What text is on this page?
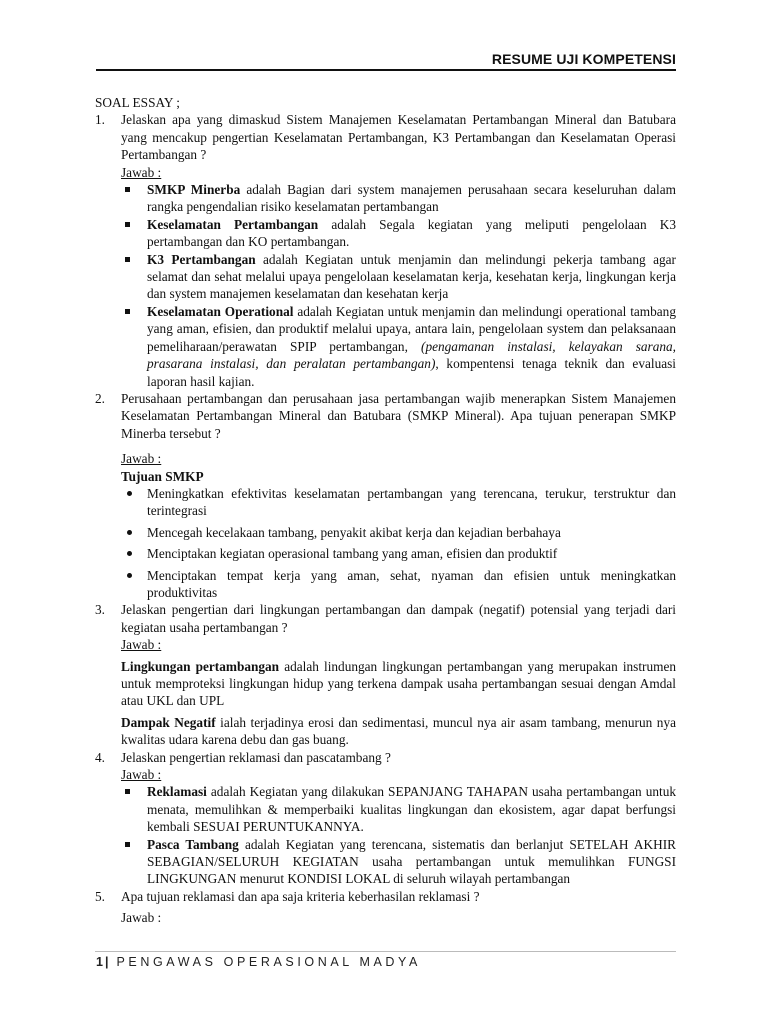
RESUME UJI KOMPETENSI

SOAL ESSAY ;

1. Jelaskan apa yang dimaskud Sistem Manajemen Keselamatan Pertambangan Mineral dan Batubara yang mencakup pengertian Keselamatan Pertambangan, K3 Pertambangan dan Keselamatan Operasi Pertambangan ?
Jawab :
SMKP Minerba adalah Bagian dari system manajemen perusahaan secara keseluruhan dalam rangka pengendalian risiko keselamatan pertambangan
Keselamatan Pertambangan adalah Segala kegiatan yang meliputi pengelolaan K3 pertambangan dan KO pertambangan.
K3 Pertambangan adalah Kegiatan untuk menjamin dan melindungi pekerja tambang agar selamat dan sehat melalui upaya pengelolaan keselamatan kerja, kesehatan kerja, lingkungan kerja dan system manajemen keselamatan dan kesehatan kerja
Keselamatan Operational adalah Kegiatan untuk menjamin dan melindungi operational tambang yang aman, efisien, dan produktif melalui upaya, antara lain, pengelolaan system dan pelaksanaan pemeliharaan/perawatan SPIP pertambangan, (pengamanan instalasi, kelayakan sarana, prasarana instalasi, dan peralatan pertambangan), kompentensi tenaga teknik dan evaluasi laporan hasil kajian.
2. Perusahaan pertambangan dan perusahaan jasa pertambangan wajib menerapkan Sistem Manajemen Keselamatan Pertambangan Mineral dan Batubara (SMKP Mineral). Apa tujuan penerapan SMKP Minerba tersebut ?
Jawab :
Tujuan SMKP
Meningkatkan efektivitas keselamatan pertambangan yang terencana, terukur, terstruktur dan terintegrasi
Mencegah kecelakaan tambang, penyakit akibat kerja dan kejadian berbahaya
Menciptakan kegiatan operasional tambang yang aman, efisien dan produktif
Menciptakan tempat kerja yang aman, sehat, nyaman dan efisien untuk meningkatkan produktivitas
3. Jelaskan pengertian dari lingkungan pertambangan dan dampak (negatif) potensial yang terjadi dari kegiatan usaha pertambangan ?
Jawab :

Lingkungan pertambangan adalah lindungan lingkungan pertambangan yang merupakan instrumen untuk memproteksi lingkungan hidup yang terkena dampak usaha pertambangan sesuai dengan Amdal atau UKL dan UPL

Dampak Negatif ialah terjadinya erosi dan sedimentasi, muncul nya air asam tambang, menurun nya kwalitas udara karena debu dan gas buang.

4. Jelaskan pengertian reklamasi dan pascatambang ?
Jawab :
Reklamasi adalah Kegiatan yang dilakukan SEPANJANG TAHAPAN usaha pertambangan untuk menata, memulihkan & memperbaiki kualitas lingkungan dan ekosistem, agar dapat berfungsi kembali SESUAI PERUNTUKANNYA.
Pasca Tambang adalah Kegiatan yang terencana, sistematis dan berlanjut SETELAH AKHIR SEBAGIAN/SELURUH KEGIATAN usaha pertambangan untuk memulihkan FUNGSI LINGKUNGAN menurut KONDISI LOKAL di seluruh wilayah pertambangan
5. Apa tujuan reklamasi dan apa saja kriteria keberhasilan reklamasi ?
Jawab :
1 | PENGAWAS OPERASIONAL MADYA
